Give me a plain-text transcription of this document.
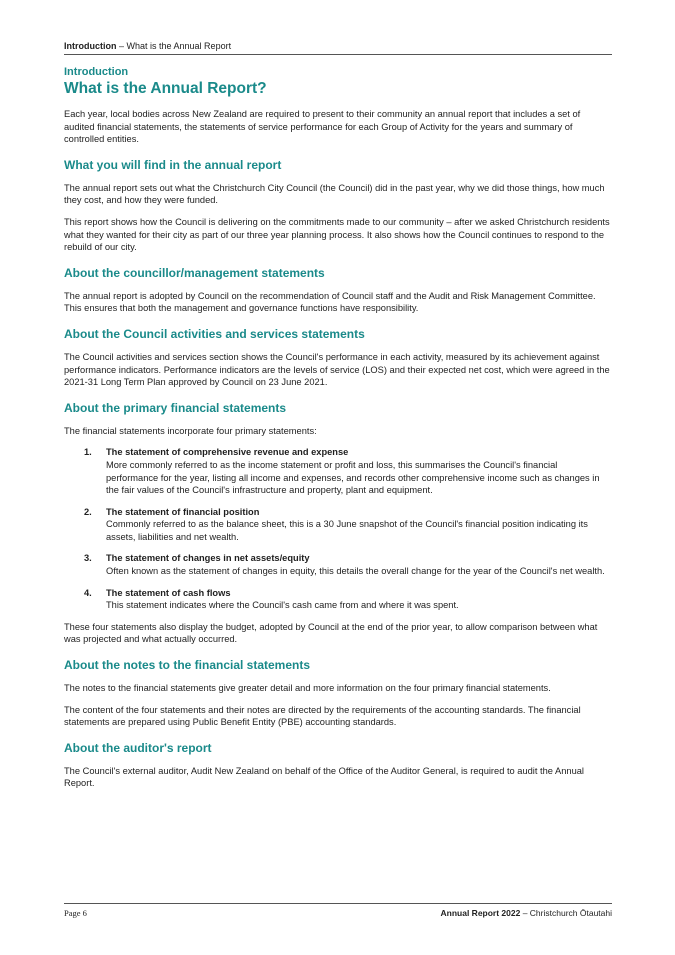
Introduction – What is the Annual Report
Introduction
What is the Annual Report?

Each year, local bodies across New Zealand are required to present to their community an annual report that includes a set of audited financial statements, the statements of service performance for each Group of Activity for the years and summary of controlled entities.

What you will find in the annual report

The annual report sets out what the Christchurch City Council (the Council) did in the past year, why we did those things, how much they cost, and how they were funded.

This report shows how the Council is delivering on the commitments made to our community – after we asked Christchurch residents what they wanted for their city as part of our three year planning process. It also shows how the Council continues to respond to the rebuild of our city.

About the councillor/management statements

The annual report is adopted by Council on the recommendation of Council staff and the Audit and Risk Management Committee. This ensures that both the management and governance functions have responsibility.

About the Council activities and services statements

The Council activities and services section shows the Council's performance in each activity, measured by its achievement against performance indicators. Performance indicators are the levels of service (LOS) and their expected net cost, which were agreed in the 2021-31 Long Term Plan approved by Council on 23 June 2021.

About the primary financial statements

The financial statements incorporate four primary statements:

1. The statement of comprehensive revenue and expense
More commonly referred to as the income statement or profit and loss, this summarises the Council's financial performance for the year, listing all income and expenses, and records other comprehensive income such as changes in the fair values of the Council's infrastructure and property, plant and equipment.
2. The statement of financial position
Commonly referred to as the balance sheet, this is a 30 June snapshot of the Council's financial position indicating its assets, liabilities and net wealth.
3. The statement of changes in net assets/equity
Often known as the statement of changes in equity, this details the overall change for the year of the Council's net wealth.
4. The statement of cash flows
This statement indicates where the Council's cash came from and where it was spent.

These four statements also display the budget, adopted by Council at the end of the prior year, to allow comparison between what was projected and what actually occurred.

About the notes to the financial statements

The notes to the financial statements give greater detail and more information on the four primary financial statements.

The content of the four statements and their notes are directed by the requirements of the accounting standards. The financial statements are prepared using Public Benefit Entity (PBE) accounting standards.

About the auditor's report

The Council's external auditor, Audit New Zealand on behalf of the Office of the Auditor General, is required to audit the Annual Report.

Page 6	Annual Report 2022 – Christchurch Ōtautahi
